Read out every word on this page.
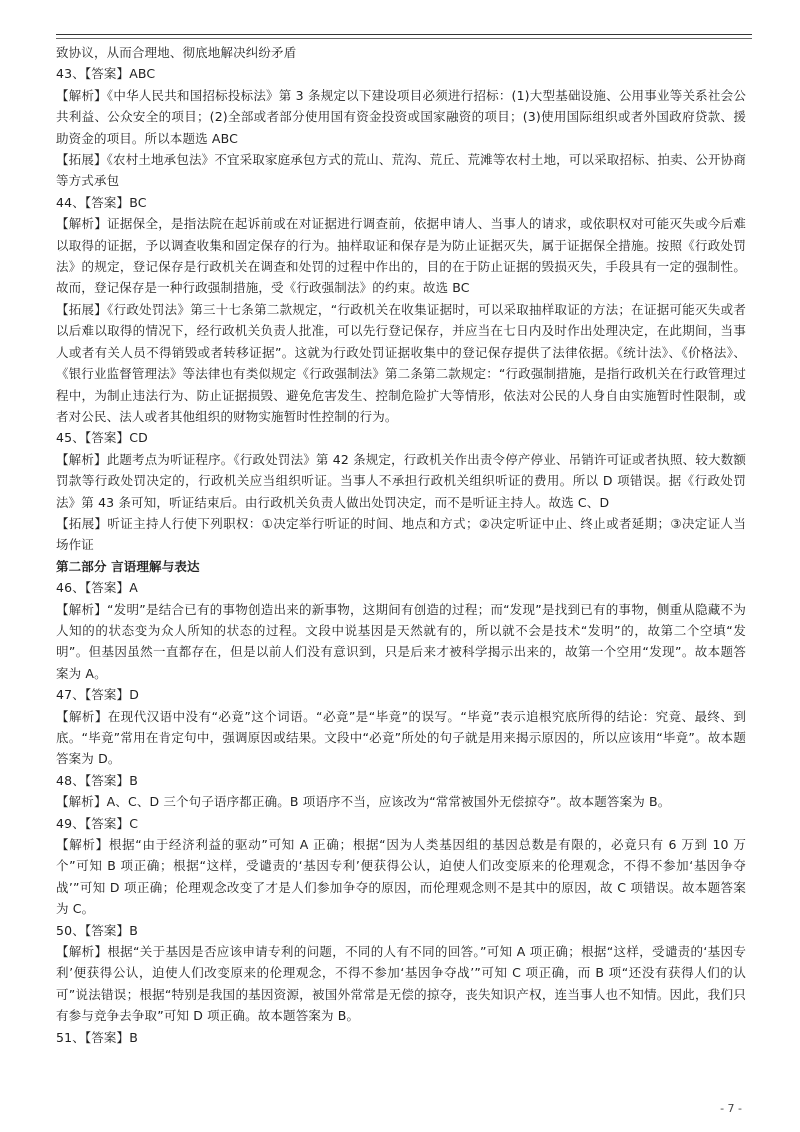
致协议，从而合理地、彻底地解决纠纷矛盾

43、【答案】ABC

【解析】《中华人民共和国招标投标法》第 3 条规定以下建设项目必须进行招标：(1)大型基础设施、公用事业等关系社会公共利益、公众安全的项目；(2)全部或者部分使用国有资金投资或国家融资的项目；(3)使用国际组织或者外国政府贷款、援助资金的项目。所以本题选 ABC

【拓展】《农村土地承包法》不宜采取家庭承包方式的荒山、荒沟、荒丘、荒滩等农村土地，可以采取招标、拍卖、公开协商等方式承包

44、【答案】BC

【解析】证据保全，是指法院在起诉前或在对证据进行调查前，依据申请人、当事人的请求，或依职权对可能灭失或今后难以取得的证据，予以调查收集和固定保存的行为。抽样取证和保存是为防止证据灭失，属于证据保全措施。按照《行政处罚法》的规定，登记保存是行政机关在调查和处罚的过程中作出的，目的在于防止证据的毁损灭失，手段具有一定的强制性。故而，登记保存是一种行政强制措施，受《行政强制法》的约束。故选 BC

【拓展】《行政处罚法》第三十七条第二款规定，“行政机关在收集证据时，可以采取抽样取证的方法；在证据可能灭失或者以后难以取得的情况下，经行政机关负责人批准，可以先行登记保存，并应当在七日内及时作出处理决定，在此期间，当事人或者有关人员不得销毁或者转移证据”。这就为行政处罚证据收集中的登记保存提供了法律依据。《统计法》、《价格法》、《银行业监督管理法》等法律也有类似规定《行政强制法》第二条第二款规定：“行政强制措施，是指行政机关在行政管理过程中，为制止违法行为、防止证据损毁、避免危害发生、控制危险扩大等情形，依法对公民的人身自由实施暂时性限制，或者对公民、法人或者其他组织的财物实施暂时性控制的行为。

45、【答案】CD

【解析】此题考点为听证程序。《行政处罚法》第 42 条规定，行政机关作出责令停产停业、吊销许可证或者执照、较大数额罚款等行政处罚决定的，行政机关应当组织听证。当事人不承担行政机关组织听证的费用。所以 D 项错误。据《行政处罚法》第 43 条可知，听证结束后。由行政机关负责人做出处罚决定，而不是听证主持人。故选 C、D

【拓展】听证主持人行使下列职权：①决定举行听证的时间、地点和方式；②决定听证中止、终止或者延期；③决定证人当场作证

第二部分 言语理解与表达

46、【答案】A

【解析】“发明”是结合已有的事物创造出来的新事物，这期间有创造的过程；而“发现”是找到已有的事物，侧重从隐藏不为人知的的状态变为众人所知的状态的过程。文段中说基因是天然就有的，所以就不会是技术“发明”的，故第二个空填“发明”。但基因虽然一直都存在，但是以前人们没有意识到，只是后来才被科学揭示出来的，故第一个空用“发现”。故本题答案为 A。

47、【答案】D

【解析】在现代汉语中没有“必竟”这个词语。“必竟”是“毕竟”的误写。“毕竟”表示追根究底所得的结论：究竟、最终、到底。“毕竟”常用在肯定句中，强调原因或结果。文段中“必竟”所处的句子就是用来揭示原因的，所以应该用“毕竟”。故本题答案为 D。

48、【答案】B

【解析】A、C、D 三个句子语序都正确。B 项语序不当，应该改为“常常被国外无偿掠夺”。故本题答案为 B。

49、【答案】C

【解析】根据“由于经济利益的驱动”可知 A 正确；根据“因为人类基因组的基因总数是有限的，必竟只有 6 万到 10 万个”可知 B 项正确；根据“这样，受谴责的‘基因专利’便获得公认，迫使人们改变原来的伦理观念，不得不参加‘基因争夺战’”可知 D 项正确；伦理观念改变了才是人们参加争夺的原因，而伦理观念则不是其中的原因，故 C 项错误。故本题答案为 C。

50、【答案】B

【解析】根据“关于基因是否应该申请专利的问题，不同的人有不同的回答。”可知 A 项正确；根据“这样，受谴责的‘基因专利’便获得公认，迫使人们改变原来的伦理观念，不得不参加‘基因争夺战’”可知 C 项正确，而 B 项“还没有获得人们的认可”说法错误；根据“特别是我国的基因资源，被国外常常是无偿的掠夺，丧失知识产权，连当事人也不知情。因此，我们只有参与竞争去争取”可知 D 项正确。故本题答案为 B。

51、【答案】B

- 7 -
